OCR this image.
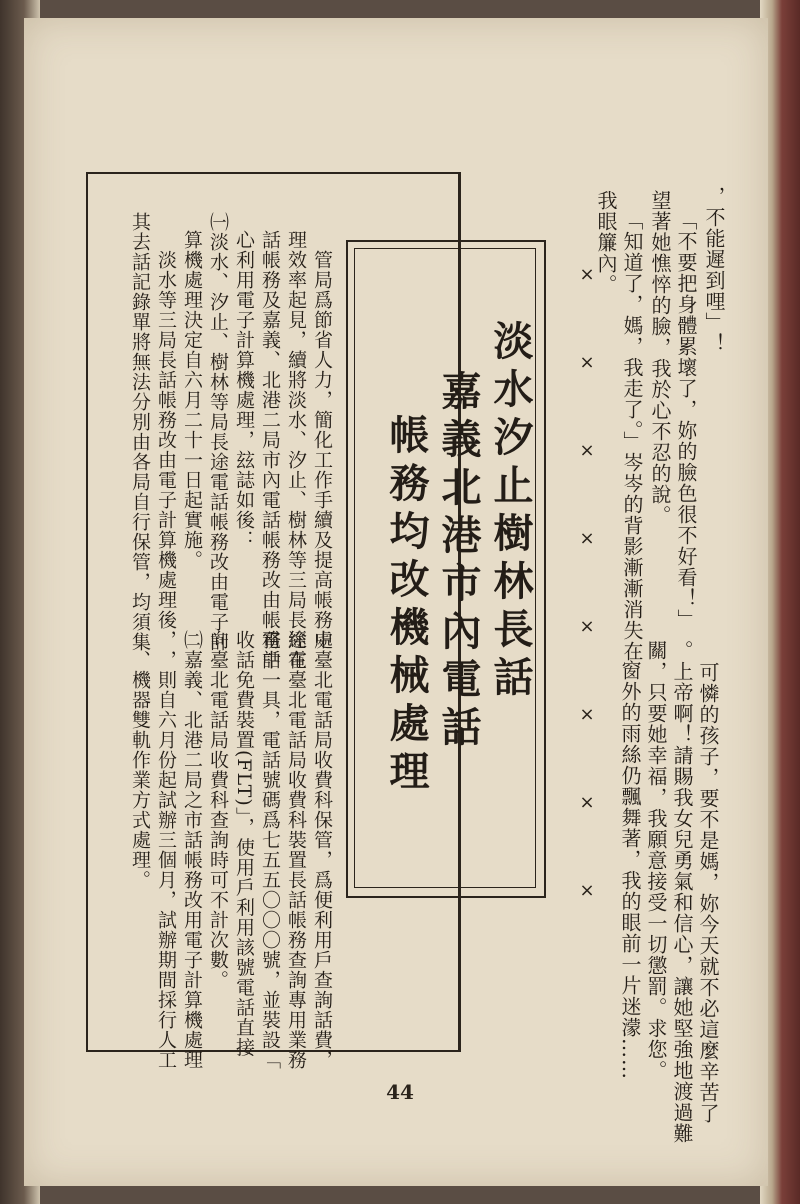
，不能遲到哩」！
「不要把身體累壞了，妳的臉色很不好看！」
望著她憔悴的臉，我於心不忍的說。
「知道了，媽，我走了。」岑岑的背影漸漸消失在
我眼簾內。
×
×
×
×
×
×
×
×	可憐的孩子，要不是媽，妳今天就不必這麼辛苦了
。上帝啊！請賜我女兒勇氣和信心，讓她堅強地渡過難
關，只要她幸福，我願意接受一切懲罰。求您。
窗外的雨絲仍飄舞著，我的眼前一片迷濛……
淡水汐止樹林長話
嘉義北港市內電話
帳務均改機械處理
管局爲節省人力，簡化工作手續及提高帳務處
理效率起見，續將淡水、汐止、樹林等三局長途電
話帳務及嘉義、北港二局市內電話帳務改由帳務中
心利用電子計算機處理，玆誌如後：
㈠淡水、汐止、樹林等局長途電話帳務改由電子計
算機處理決定自六月二十一日起實施。
淡水等三局長話帳務改由電子計算機處理後，
其去話記錄單將無法分別由各局自行保管，均須集
中臺北電話局收費科保管，爲便利用戶查詢話費，
經在臺北電話局收費科裝置長話帳務查詢專用業務
電話一具，電話號碼爲七五五〇〇〇號，並裝設「
收話免費裝置(FLT)」，使用戶利用該號電話直接
向臺北電話局收費科查詢時可不計次數。
㈡嘉義、北港二局之市話帳務改用電子計算機處理
，則自六月份起試辦三個月，試辦期間採行人工
、機器雙軌作業方式處理。
44
